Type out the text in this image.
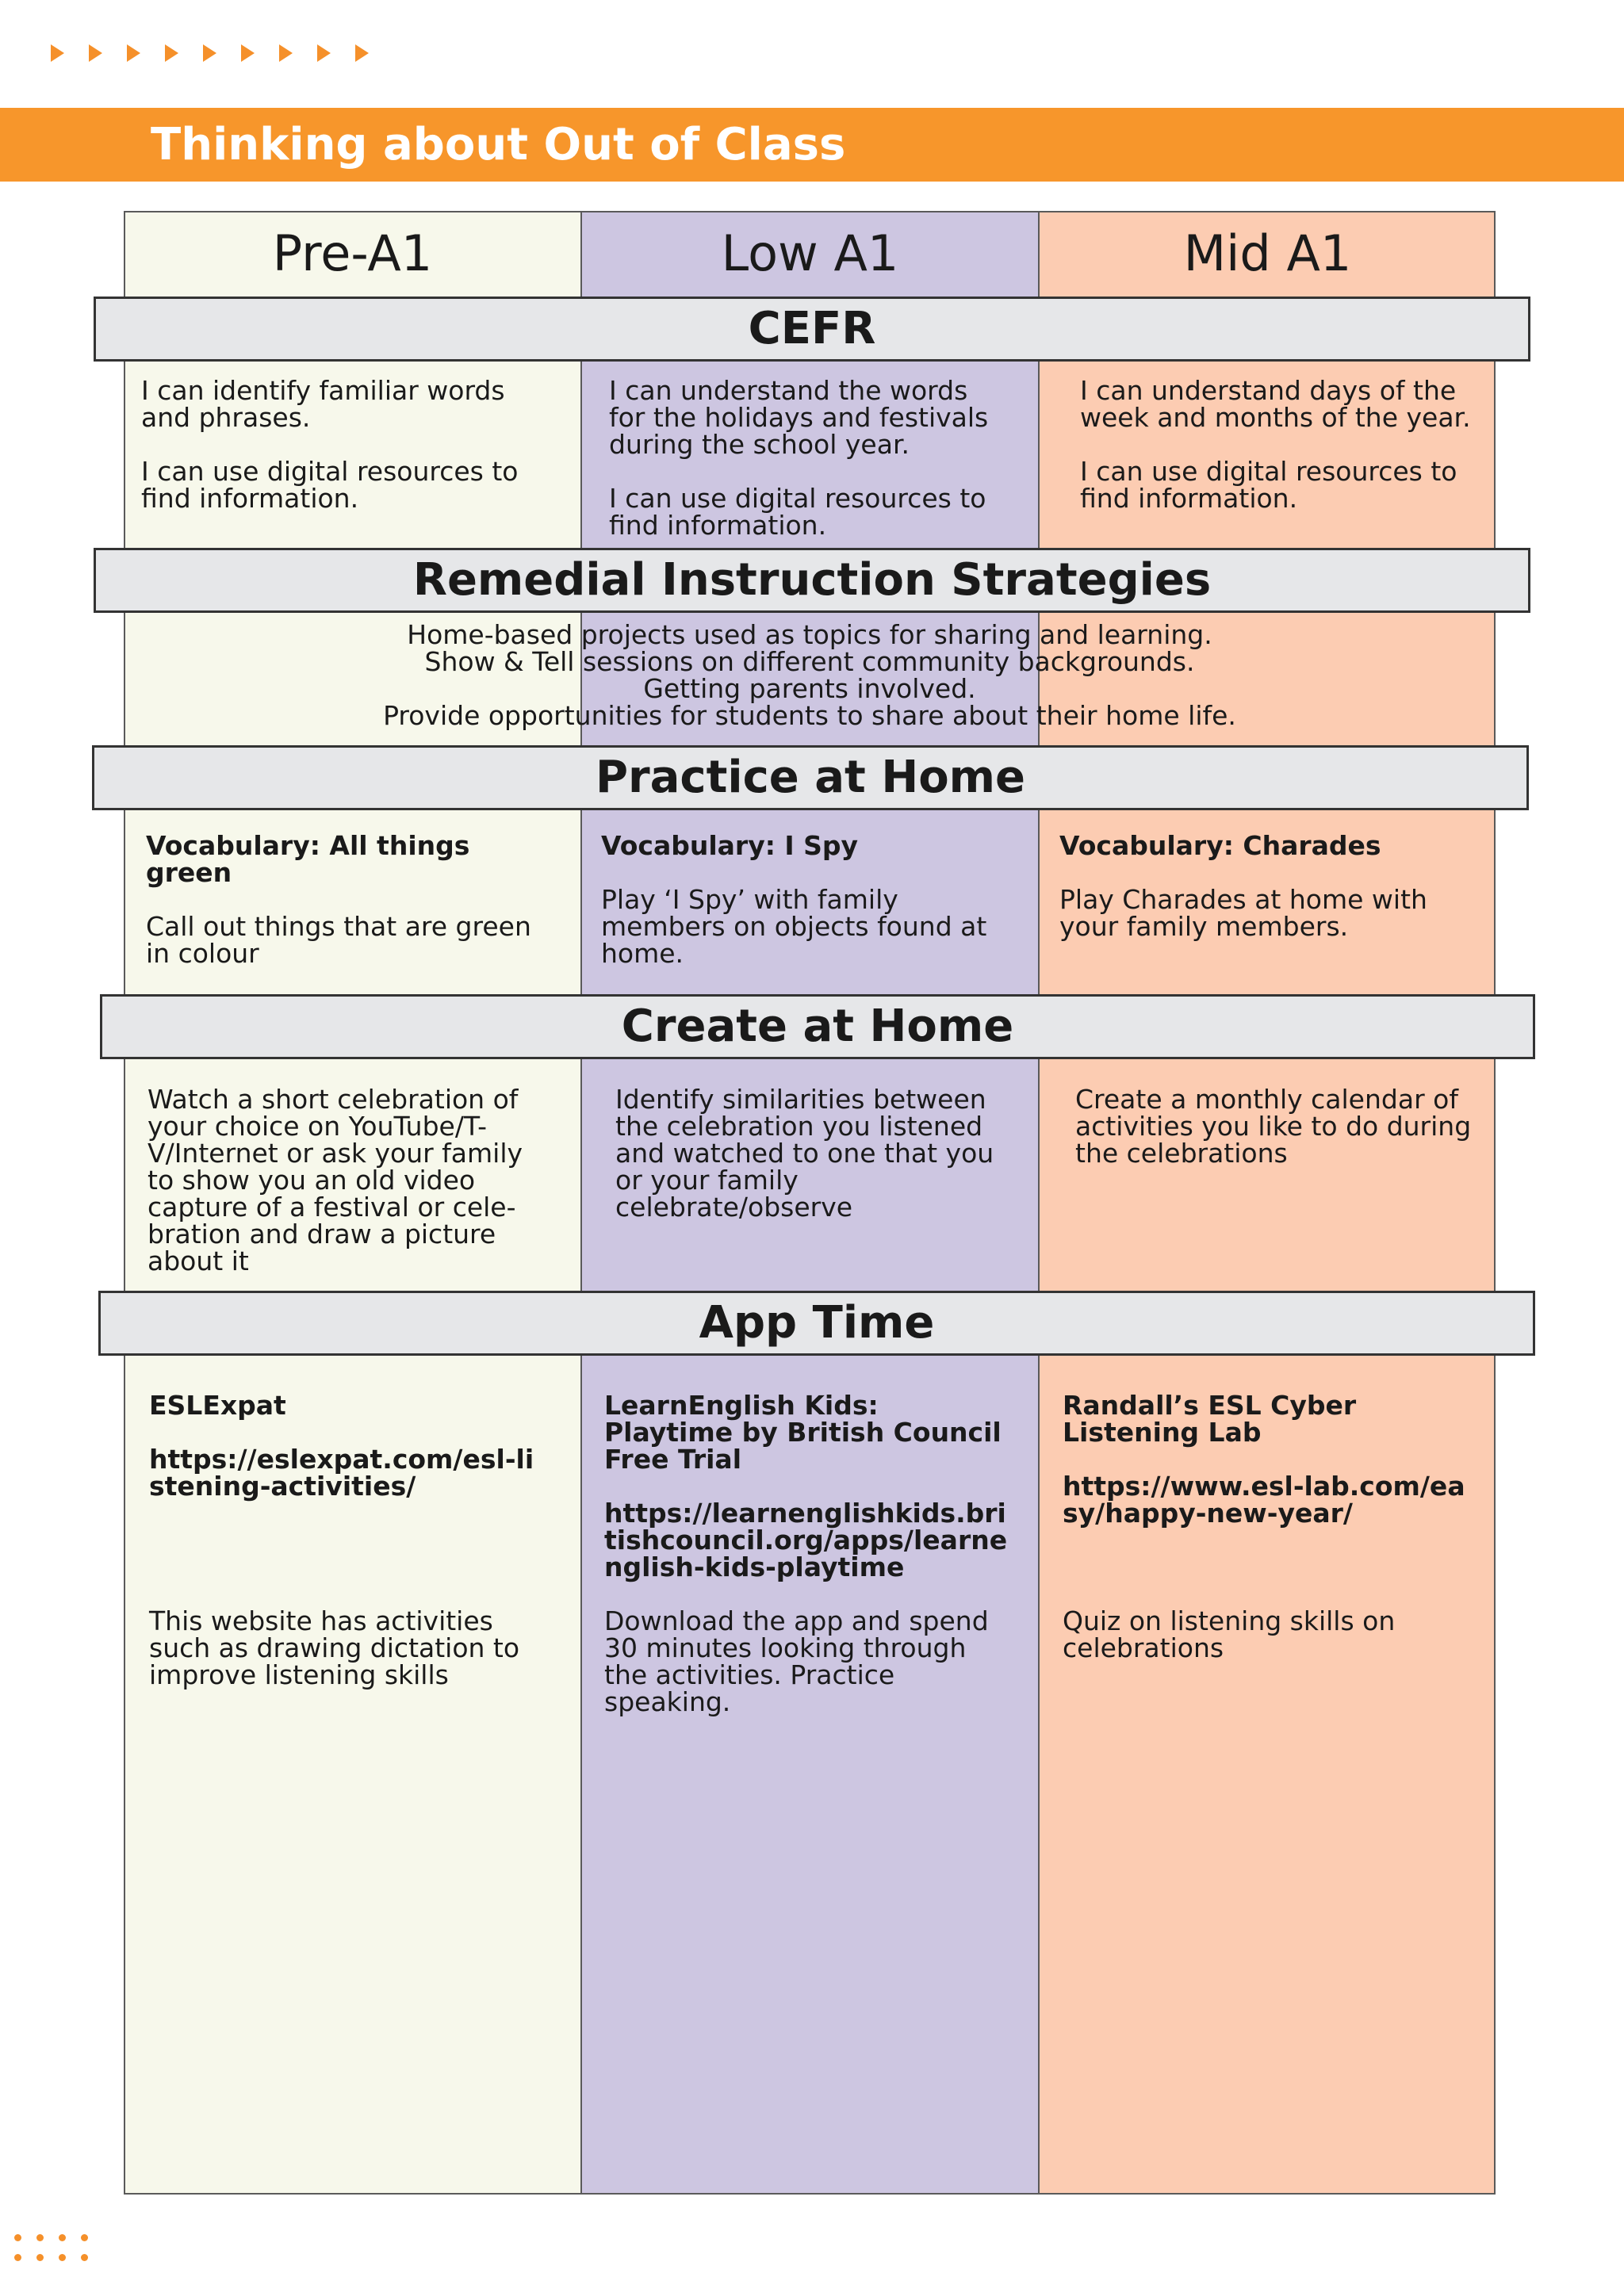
Thinking about Out of Class
Pre-A1	Low A1	Mid A1
CEFR

I can identify familiar words and phrases.

I can use digital resources to find information.

I can understand the words for the holidays and festivals during the school year.

I can use digital resources to find information.

I can understand days of the week and months of the year.

I can use digital resources to find information.

Remedial Instruction Strategies
Home-based projects used as topics for sharing and learning.
Show & Tell sessions on different community backgrounds.
Getting parents involved.
Provide opportunities for students to share about their home life.
Practice at Home

Vocabulary: All things green

Call out things that are green in colour

Vocabulary: I Spy

Play ‘I Spy’ with family members on objects found at home.

Vocabulary: Charades

Play Charades at home with your family members.

Create at Home

Watch a short celebration of your choice on YouTube/T-V/Internet or ask your family to show you an old video capture of a festival or cele-bration and draw a picture about it

Identify similarities between the celebration you listened and watched to one that you or your family celebrate/observe

Create a monthly calendar of activities you like to do during the celebrations

App Time

ESLExpat

https://eslexpat.com/esl-listening-activities/

This website has activities such as drawing dictation to improve listening skills

LearnEnglish Kids: Playtime by British Council Free Trial

https://learnenglishkids.britishcouncil.org/apps/learnenglish-kids-playtime

Download the app and spend 30 minutes looking through the activities. Practice speaking.

Randall’s ESL Cyber Listening Lab

https://www.esl-lab.com/easy/happy-new-year/

Quiz on listening skills on celebrations
